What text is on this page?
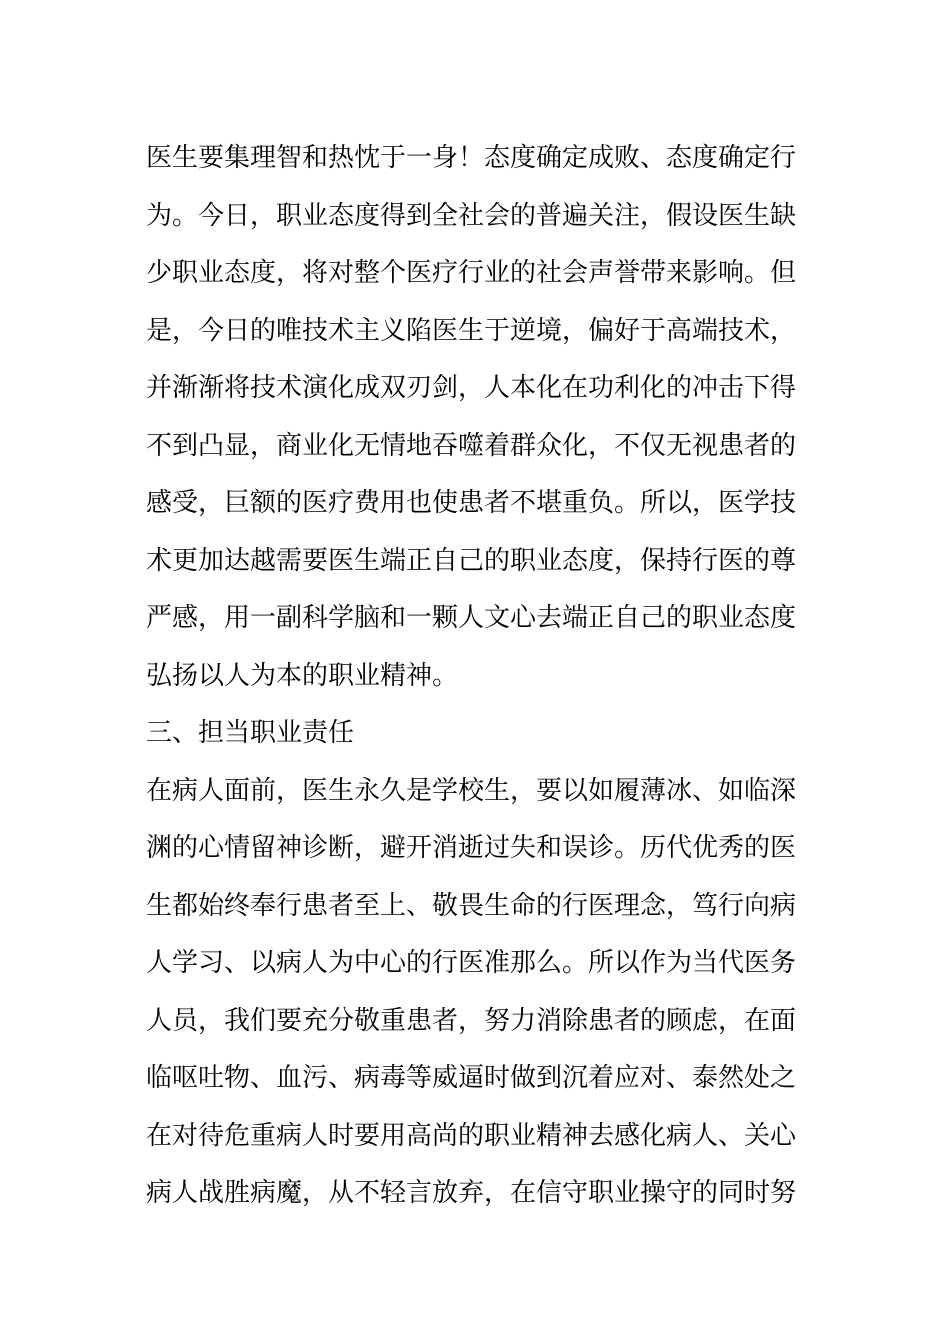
医生要集理智和热忱于一身！态度确定成败、态度确定行
为。今日，职业态度得到全社会的普遍关注，假设医生缺
少职业态度，将对整个医疗行业的社会声誉带来影响。但
是，今日的唯技术主义陷医生于逆境，偏好于高端技术，
并渐渐将技术演化成双刃剑，人本化在功利化的冲击下得
不到凸显，商业化无情地吞噬着群众化，不仅无视患者的
感受，巨额的医疗费用也使患者不堪重负。所以，医学技
术更加达越需要医生端正自己的职业态度，保持行医的尊
严感，用一副科学脑和一颗人文心去端正自己的职业态度
弘扬以人为本的职业精神。
三、担当职业责任
在病人面前，医生永久是学校生，要以如履薄冰、如临深
渊的心情留神诊断，避开消逝过失和误诊。历代优秀的医
生都始终奉行患者至上、敬畏生命的行医理念，笃行向病
人学习、以病人为中心的行医准那么。所以作为当代医务
人员，我们要充分敬重患者，努力消除患者的顾虑，在面
临呕吐物、血污、病毒等威逼时做到沉着应对、泰然处之
在对待危重病人时要用高尚的职业精神去感化病人、关心
病人战胜病魔，从不轻言放弃，在信守职业操守的同时努
